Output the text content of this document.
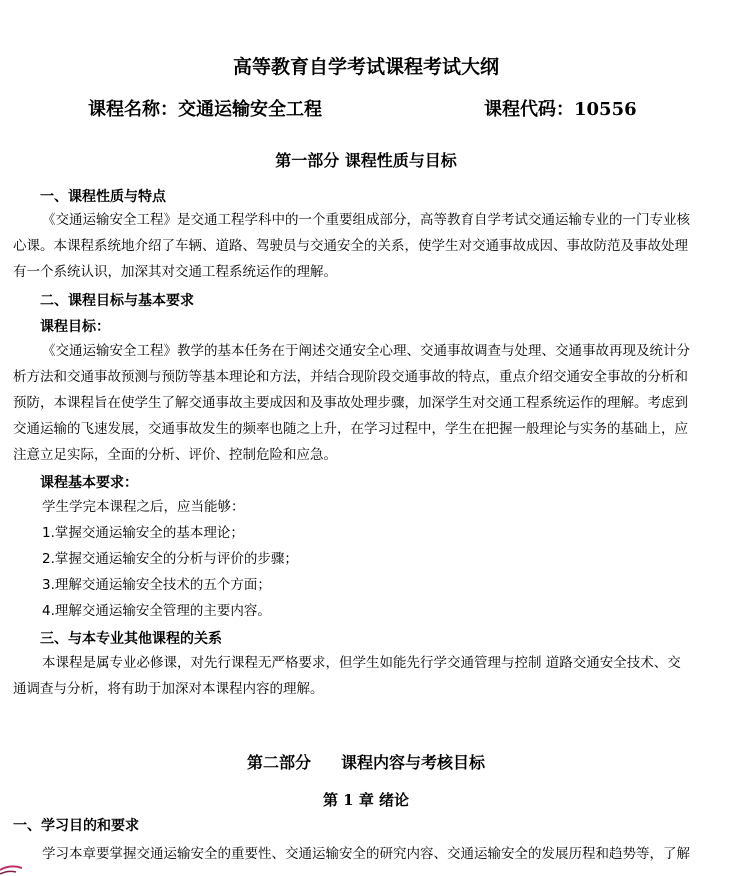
高等教育自学考试课程考试大纲
课程名称：交通运输安全工程	课程代码：10556
第一部分 课程性质与目标
一、课程性质与特点
《交通运输安全工程》是交通工程学科中的一个重要组成部分，高等教育自学考试交通运输专业的一门专业核
心课。本课程系统地介绍了车辆、道路、驾驶员与交通安全的关系，使学生对交通事故成因、事故防范及事故处理
有一个系统认识，加深其对交通工程系统运作的理解。
二、课程目标与基本要求
课程目标：
《交通运输安全工程》教学的基本任务在于阐述交通安全心理、交通事故调查与处理、交通事故再现及统计分
析方法和交通事故预测与预防等基本理论和方法，并结合现阶段交通事故的特点，重点介绍交通安全事故的分析和
预防，本课程旨在使学生了解交通事故主要成因和及事故处理步骤，加深学生对交通工程系统运作的理解。考虑到
交通运输的飞速发展，交通事故发生的频率也随之上升，在学习过程中，学生在把握一般理论与实务的基础上，应
注意立足实际，全面的分析、评价、控制危险和应急。
课程基本要求：
学生学完本课程之后，应当能够：
1.掌握交通运输安全的基本理论；
2.掌握交通运输安全的分析与评价的步骤；
3.理解交通运输安全技术的五个方面；
4.理解交通运输安全管理的主要内容。
三、与本专业其他课程的关系
本课程是属专业必修课，对先行课程无严格要求，但学生如能先行学交通管理与控制 道路交通安全技术、交
通调查与分析，将有助于加深对本课程内容的理解。
第二部分 课程内容与考核目标
第 1 章 绪论
一、学习目的和要求
学习本章要掌握交通运输安全的重要性、交通运输安全的研究内容、交通运输安全的发展历程和趋势等，了解
